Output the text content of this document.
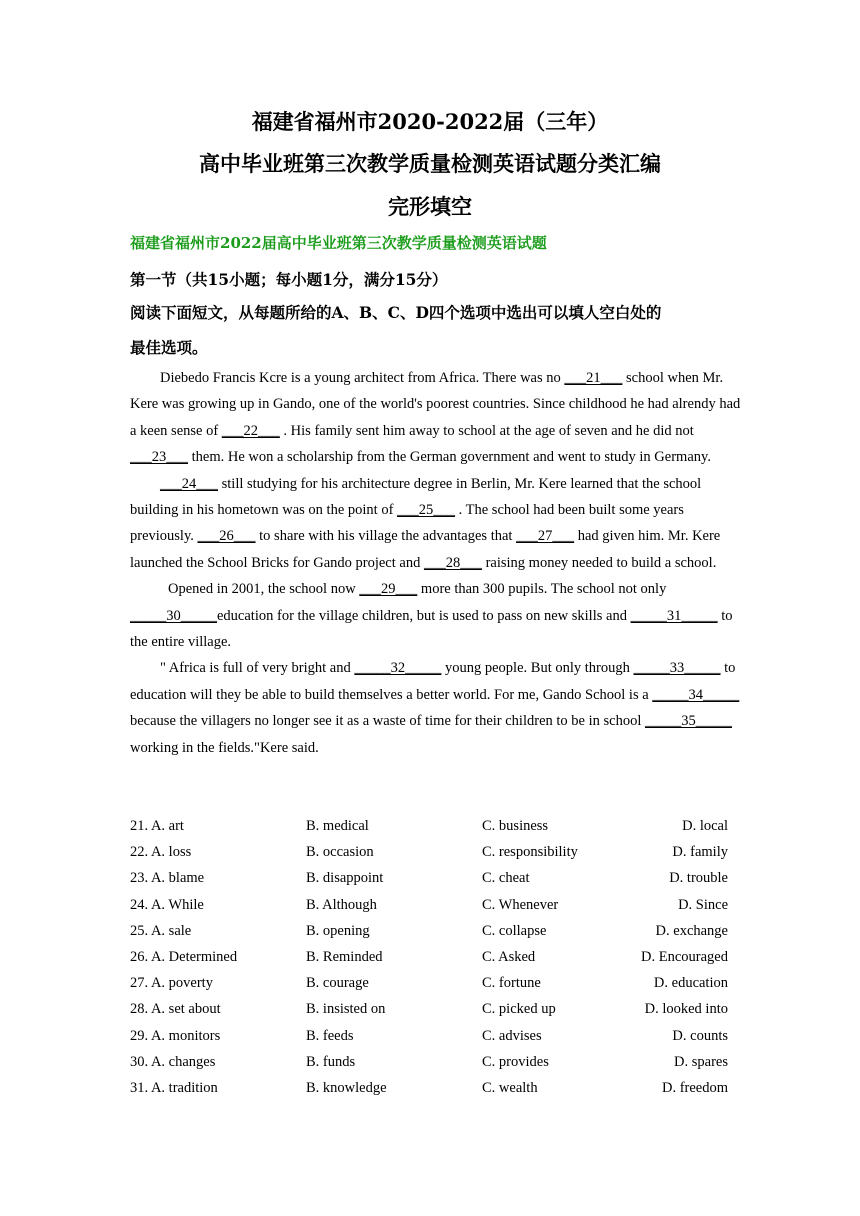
福建省福州市2020-2022届（三年）
高中毕业班第三次教学质量检测英语试题分类汇编
完形填空
福建省福州市2022届高中毕业班第三次教学质量检测英语试题
第一节（共15小题；每小题1分，满分15分）
阅读下面短文，从每题所给的A、B、C、D四个选项中选出可以填人空白处的
最佳选项。

Diebedo Francis Kcre is a young architect from Africa. There was no ___21___ school when Mr. Kere was growing up in Gando, one of the world's poorest countries. Since childhood he had alrendy had a keen sense of ___22___ . His family sent him away to school at the age of seven and he did not ___23___ them. He won a scholarship from the German government and went to study in Germany.

___24___ still studying for his architecture degree in Berlin, Mr. Kere learned that the school building in his hometown was on the point of ___25___ . The school had been built some years previously. ___26___ to share with his village the advantages that ___27___ had given him. Mr. Kere launched the School Bricks for Gando project and ___28___ raising money needed to build a school.

Opened in 2001, the school now ___29___ more than 300 pupils. The school not only _____30_____education for the village children, but is used to pass on new skills and _____31_____ to the entire village.

" Africa is full of very bright and _____32_____ young people. But only through _____33_____ to education will they be able to build themselves a better world. For me, Gando School is a _____34_____ because the villagers no longer see it as a waste of time for their children to be in school _____35_____ working in the fields."Kere said.

21. A. art	B. medical	C. business	D. local
22. A. loss	B. occasion	C. responsibility	D. family
23. A. blame	B. disappoint	C. cheat	D. trouble
24. A. While	B. Although	C. Whenever	D. Since
25. A. sale	B. opening	C. collapse	D. exchange
26. A. Determined	B. Reminded	C. Asked	D. Encouraged
27. A. poverty	B. courage	C. fortune	D. education
28. A. set about	B. insisted on	C. picked up	D. looked into
29. A. monitors	B. feeds	C. advises	D. counts
30. A. changes	B. funds	C. provides	D. spares
31. A. tradition	B. knowledge	C. wealth	D. freedom
